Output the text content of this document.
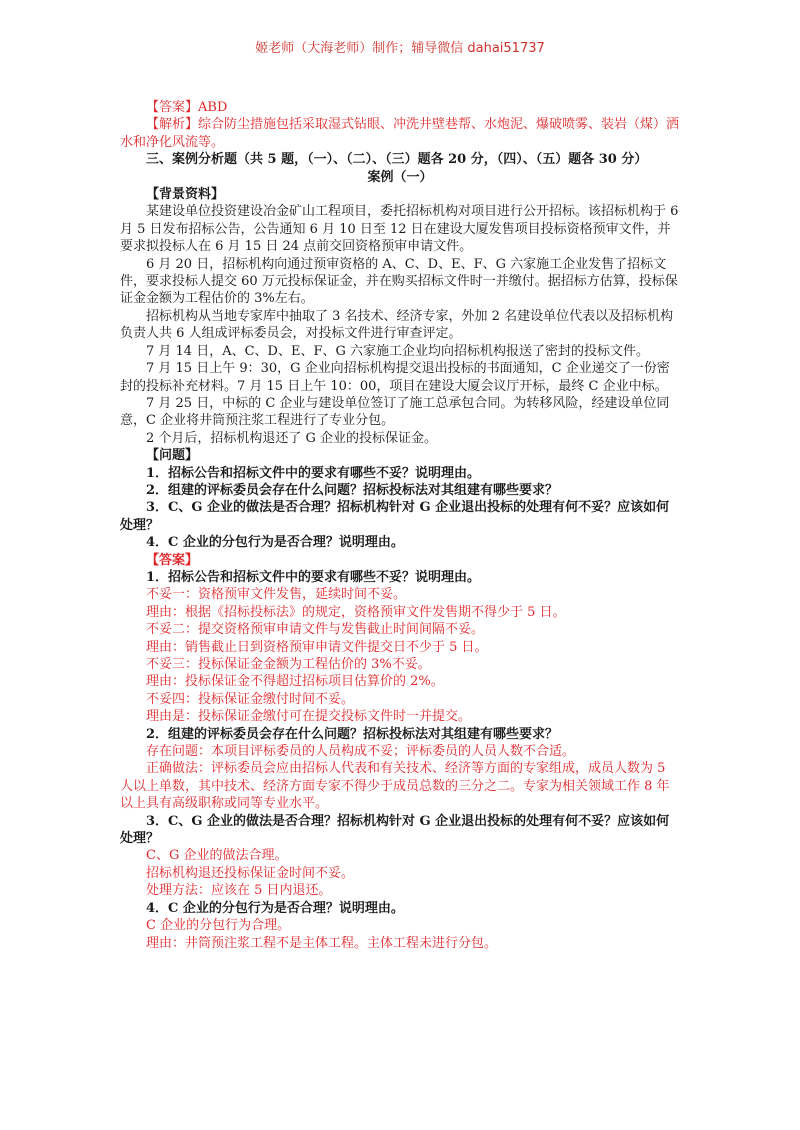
姬老师（大海老师）制作；辅导微信 dahai51737

【答案】ABD

【解析】综合防尘措施包括采取湿式钻眼、冲洗井壁巷帮、水炮泥、爆破喷雾、装岩（煤）洒水和净化风流等。

三、案例分析题（共 5 题，（一）、（二）、（三）题各 20 分，（四）、（五）题各 30 分）

案例（一）

【背景资料】

某建设单位投资建设冶金矿山工程项目，委托招标机构对项目进行公开招标。该招标机构于 6 月 5 日发布招标公告，公告通知 6 月 10 日至 12 日在建设大厦发售项目投标资格预审文件，并要求拟投标人在 6 月 15 日 24 点前交回资格预审申请文件。

6 月 20 日，招标机构向通过预审资格的 A、C、D、E、F、G 六家施工企业发售了招标文件，要求投标人提交 60 万元投标保证金，并在购买招标文件时一并缴付。据招标方估算，投标保证金金额为工程估价的 3%左右。

招标机构从当地专家库中抽取了 3 名技术、经济专家，外加 2 名建设单位代表以及招标机构负责人共 6 人组成评标委员会，对投标文件进行审查评定。

7 月 14 日，A、C、D、E、F、G 六家施工企业均向招标机构报送了密封的投标文件。

7 月 15 日上午 9：30，G 企业向招标机构提交退出投标的书面通知，C 企业递交了一份密封的投标补充材料。7 月 15 日上午 10：00，项目在建设大厦会议厅开标，最终 C 企业中标。

7 月 25 日，中标的 C 企业与建设单位签订了施工总承包合同。为转移风险，经建设单位同意，C 企业将井筒预注浆工程进行了专业分包。

2 个月后，招标机构退还了 G 企业的投标保证金。

【问题】

1．招标公告和招标文件中的要求有哪些不妥？说明理由。

2．组建的评标委员会存在什么问题？招标投标法对其组建有哪些要求？

3．C、G 企业的做法是否合理？招标机构针对 G 企业退出投标的处理有何不妥？应该如何处理？

4．C 企业的分包行为是否合理？说明理由。

【答案】

1．招标公告和招标文件中的要求有哪些不妥？说明理由。

不妥一：资格预审文件发售，延续时间不妥。

理由：根据《招标投标法》的规定，资格预审文件发售期不得少于 5 日。

不妥二：提交资格预审申请文件与发售截止时间间隔不妥。

理由：销售截止日到资格预审申请文件提交日不少于 5 日。

不妥三：投标保证金金额为工程估价的 3%不妥。

理由：投标保证金不得超过招标项目估算价的 2%。

不妥四：投标保证金缴付时间不妥。

理由是：投标保证金缴付可在提交投标文件时一并提交。

2．组建的评标委员会存在什么问题？招标投标法对其组建有哪些要求？

存在问题：本项目评标委员的人员构成不妥；评标委员的人员人数不合适。

正确做法：评标委员会应由招标人代表和有关技术、经济等方面的专家组成，成员人数为 5 人以上单数，其中技术、经济方面专家不得少于成员总数的三分之二。专家为相关领域工作 8 年以上具有高级职称或同等专业水平。

3．C、G 企业的做法是否合理？招标机构针对 G 企业退出投标的处理有何不妥？应该如何处理？

C、G 企业的做法合理。

招标机构退还投标保证金时间不妥。

处理方法：应该在 5 日内退还。

4．C 企业的分包行为是否合理？说明理由。

C 企业的分包行为合理。

理由：井筒预注浆工程不是主体工程。主体工程未进行分包。
